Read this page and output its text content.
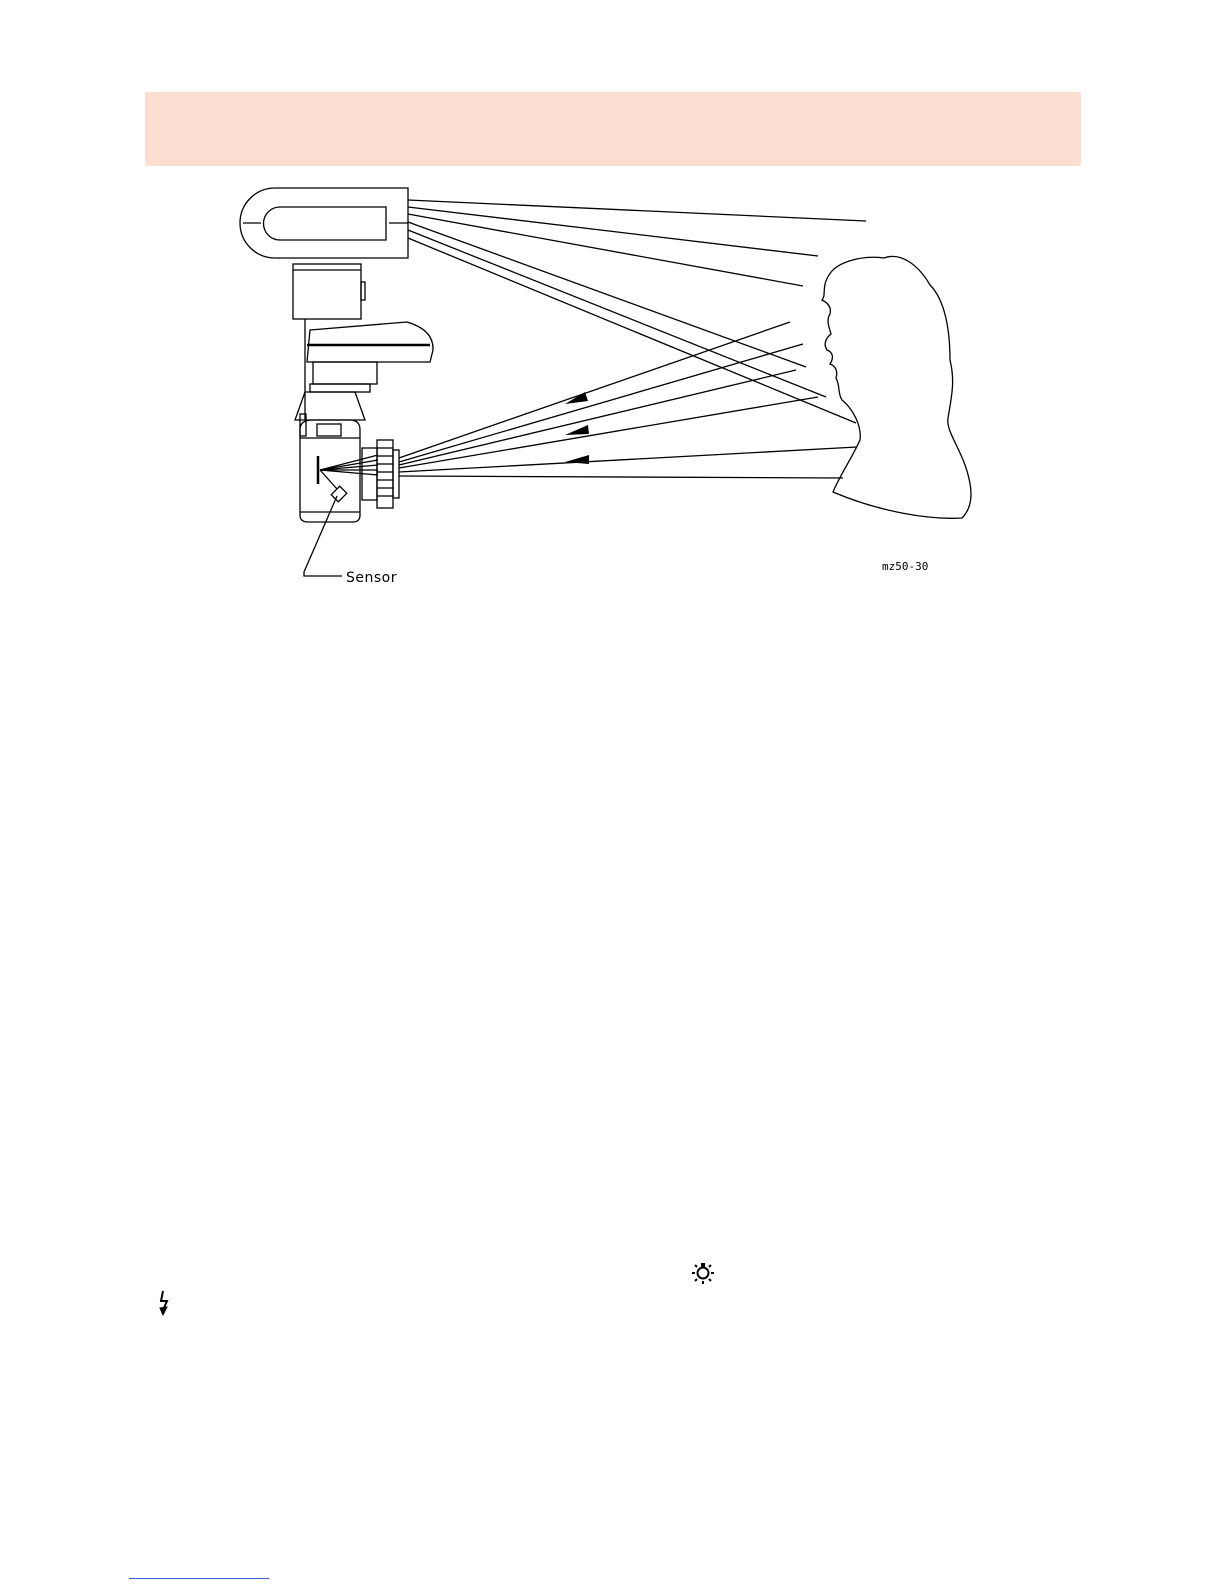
Sensor
mz50-30
